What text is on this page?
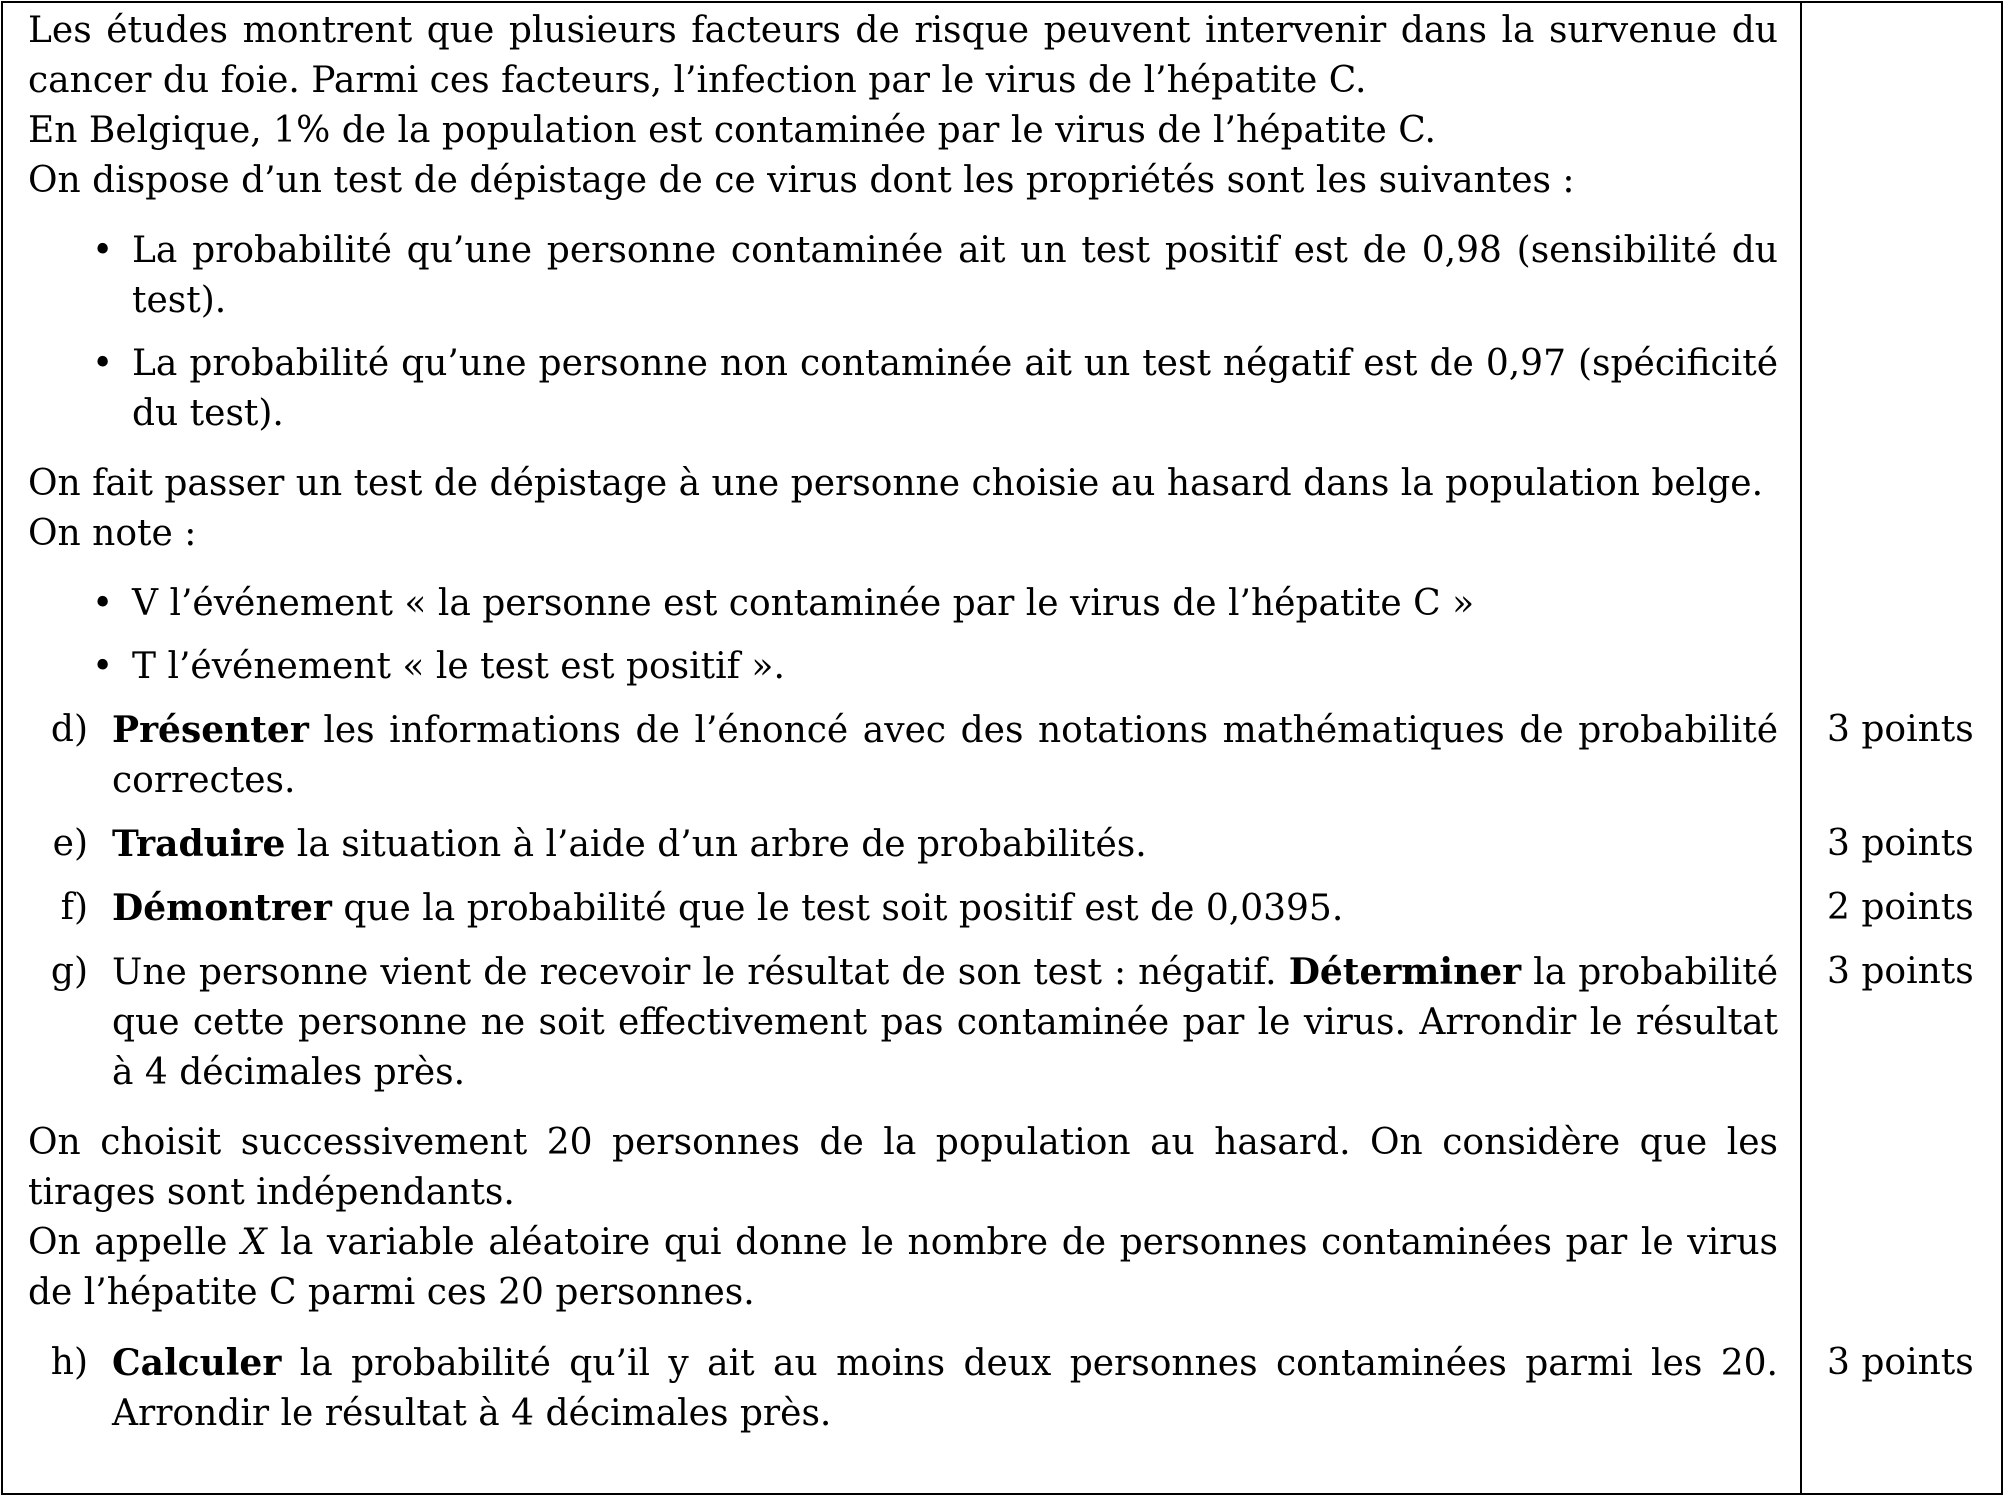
Les études montrent que plusieurs facteurs de risque peuvent intervenir dans la survenue du cancer du foie. Parmi ces facteurs, l’infection par le virus de l’hépatite C.

En Belgique, 1% de la population est contaminée par le virus de l’hépatite C.

On dispose d’un test de dépistage de ce virus dont les propriétés sont les suivantes :

• La probabilité qu’une personne contaminée ait un test positif est de 0,98 (sensibilité du test).
• La probabilité qu’une personne non contaminée ait un test négatif est de 0,97 (spécificité du test).

On fait passer un test de dépistage à une personne choisie au hasard dans la population belge.

On note :

• V l’événement « la personne est contaminée par le virus de l’hépatite C »
• T l’événement « le test est positif ».
d) Présenter les informations de l’énoncé avec des notations mathématiques de probabilité correctes.
e) Traduire la situation à l’aide d’un arbre de probabilités.
f) Démontrer que la probabilité que le test soit positif est de 0,0395.
g) Une personne vient de recevoir le résultat de son test : négatif. Déterminer la probabilité que cette personne ne soit effectivement pas contaminée par le virus. Arrondir le résultat à 4 décimales près.

On choisit successivement 20 personnes de la population au hasard. On considère que les tirages sont indépendants.

On appelle X la variable aléatoire qui donne le nombre de personnes contaminées par le virus de l’hépatite C parmi ces 20 personnes.

h) Calculer la probabilité qu’il y ait au moins deux personnes contaminées parmi les 20. Arrondir le résultat à 4 décimales près.
3 points
3 points
2 points
3 points
3 points
